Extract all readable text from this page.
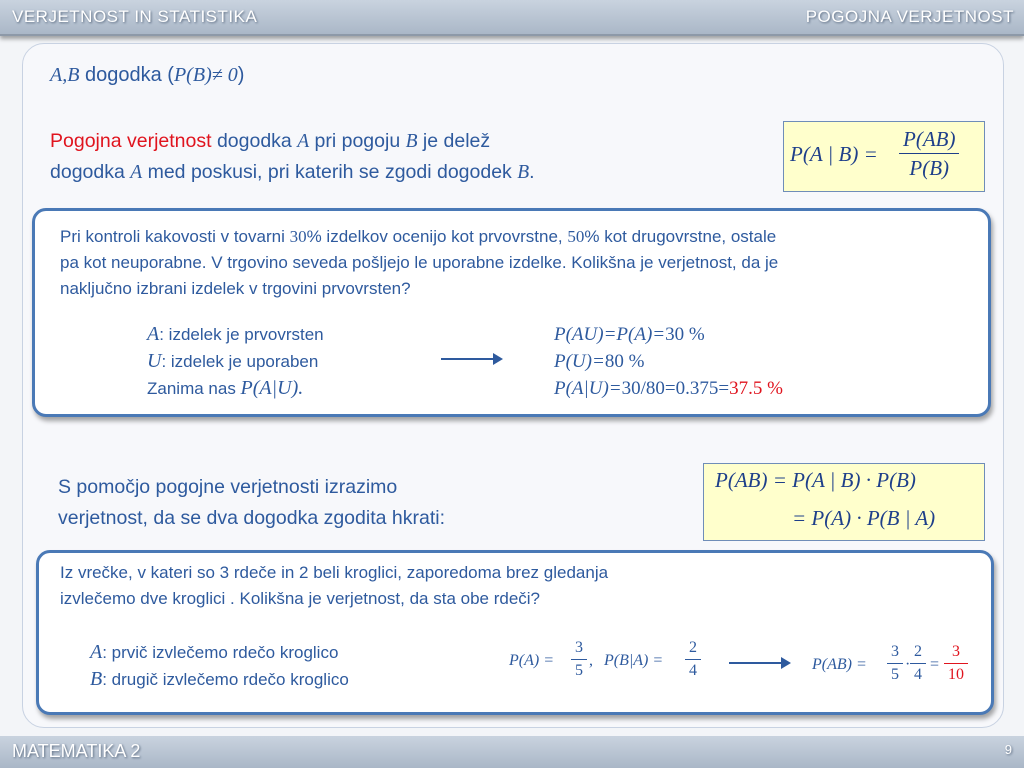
VERJETNOST IN STATISTIKA	POGOJNA VERJETNOST
A,B dogodka (P(B)≠ 0)
Pogojna verjetnost dogodka A pri pogoju B je delež
dogodka A med poskusi, pri katerih se zgodi dogodek B.
P(A | $B) = \frac{P(AB)}{P(B)}$
Pri kontroli kakovosti v tovarni 30% izdelkov ocenijo kot prvovrstne, 50% kot drugovrstne, ostale
pa kot neuporabne. V trgovino seveda pošljejo le uporabne izdelke. Kolikšna je verjetnost, da je
naključno izbrani izdelek v trgovini prvovrsten?
A: izdelek je prvovrsten
U: izdelek je uporaben
Zanima nas P(A|U).
P(AU)=P(A)=30 %
P(U)=80 %
P(A|U)=30/80=0.375=37.5 %
S pomočjo pogojne verjetnosti izrazimo
verjetnost, da se dva dogodka zgodita hkrati:
P(AB) = P(A | B) · P(B)
= P(A) · P(B | A)
Iz vrečke, v kateri so 3 rdeče in 2 beli kroglici, zaporedoma brez gledanja
izvlečemo dve kroglici . Kolikšna je verjetnost, da sta obe rdeči?
A: prvič izvlečemo rdečo kroglico
B: drugič izvlečemo rdečo kroglico
$P(A) = \frac{3}{5}$ , $P(B|A) = \frac{2}{4}$	$P(AB) = \frac{3}{5} \cdot \frac{2}{4} = \frac{3}{10}$
MATEMATIKA 2	9
